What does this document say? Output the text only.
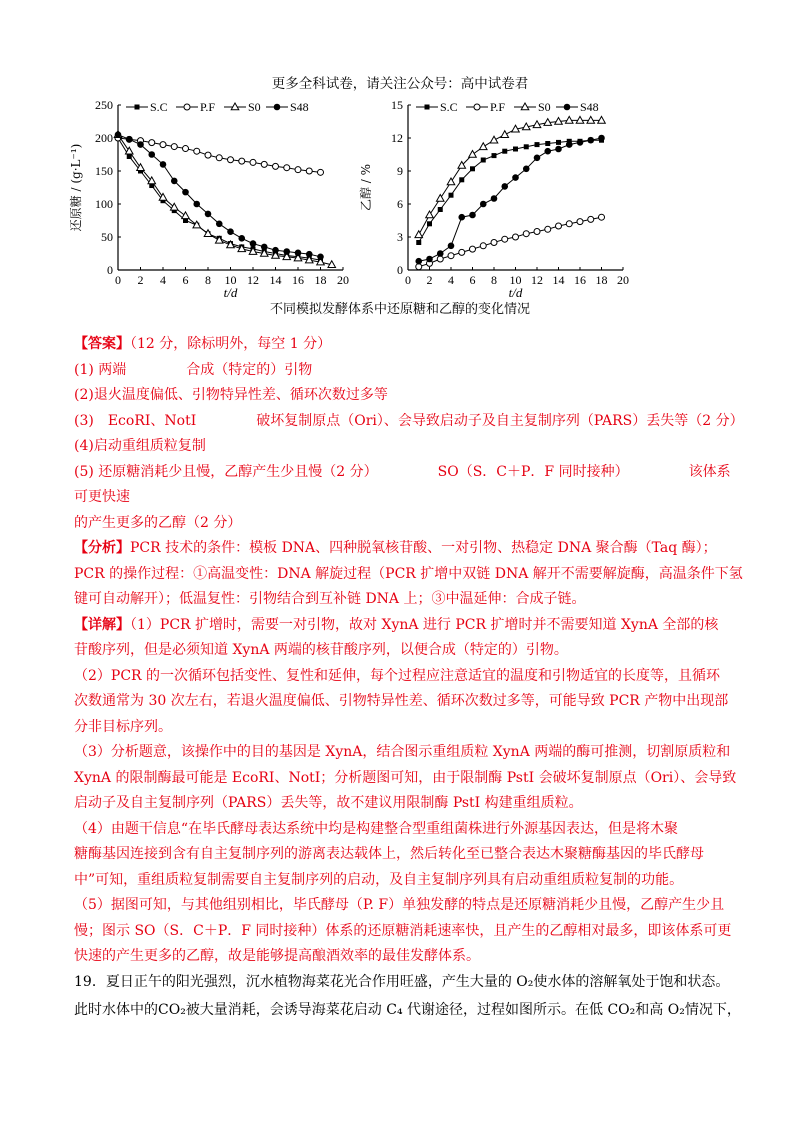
更多全科试卷，请关注公众号：高中试卷君
0 2 4 6 8 10 12 14 16 18 20
0
50
100
150
200
250
t/d
还原糖 / (g·L⁻¹)
S.C	P.F	S0 S48
0 2 4 6 8 10 12 14 16 18 20
0
3
6
9
12
15
t/d
乙醇 / %
S.C	P.F	S0 S48
不同模拟发酵体系中还原糖和乙醇的变化情况

【答案】（12 分，除标明外，每空 1 分）

(1) 两端	合成（特定的）引物

(2)退火温度偏低、引物特异性差、循环次数过多等

(3)　EcoRI、NotI	破坏复制原点（Ori）、会导致启动子及自主复制序列（PARS）丢失等（2 分）

(4)启动重组质粒复制

(5) 还原糖消耗少且慢，乙醇产生少且慢（2 分）	SO（S．C＋P．F 同时接种）	该体系可更快速

的产生更多的乙醇（2 分）

【分析】PCR 技术的条件：模板 DNA、四种脱氧核苷酸、一对引物、热稳定 DNA 聚合酶（Taq 酶）；

PCR 的操作过程：①高温变性：DNA 解旋过程（PCR 扩增中双链 DNA 解开不需要解旋酶，高温条件下氢

键可自动解开）；低温复性：引物结合到互补链 DNA 上；③中温延伸：合成子链。

【详解】（1）PCR 扩增时，需要一对引物，故对 XynA 进行 PCR 扩增时并不需要知道 XynA 全部的核

苷酸序列，但是必须知道 XynA 两端的核苷酸序列，以便合成（特定的）引物。

（2）PCR 的一次循环包括变性、复性和延伸，每个过程应注意适宜的温度和引物适宜的长度等，且循环

次数通常为 30 次左右，若退火温度偏低、引物特异性差、循环次数过多等，可能导致 PCR 产物中出现部

分非目标序列。

（3）分析题意，该操作中的目的基因是 XynA，结合图示重组质粒 XynA 两端的酶可推测，切割原质粒和

XynA 的限制酶最可能是 EcoRI、NotI；分析题图可知，由于限制酶 PstI 会破坏复制原点（Ori）、会导致

启动子及自主复制序列（PARS）丢失等，故不建议用限制酶 PstI 构建重组质粒。

（4）由题干信息“在毕氏酵母表达系统中均是构建整合型重组菌株进行外源基因表达，但是将木聚

糖酶基因连接到含有自主复制序列的游离表达载体上，然后转化至已整合表达木聚糖酶基因的毕氏酵母

中”可知，重组质粒复制需要自主复制序列的启动，及自主复制序列具有启动重组质粒复制的功能。

（5）据图可知，与其他组别相比，毕氏酵母（P. F）单独发酵的特点是还原糖消耗少且慢，乙醇产生少且

慢；图示 SO（S．C＋P．F 同时接种）体系的还原糖消耗速率快，且产生的乙醇相对最多，即该体系可更

快速的产生更多的乙醇，故是能够提高酿酒效率的最佳发酵体系。

19．夏日正午的阳光强烈，沉水植物海菜花光合作用旺盛，产生大量的 O₂使水体的溶解氧处于饱和状态。

此时水体中的CO₂被大量消耗，会诱导海菜花启动 C₄ 代谢途径，过程如图所示。在低 CO₂和高 O₂情况下，
